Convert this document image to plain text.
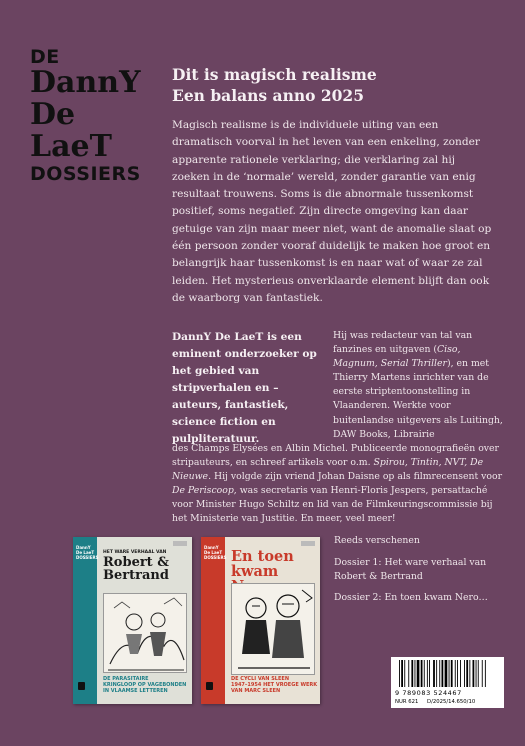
DE
DannY
De
LaeT
DOSSIERS
Dit is magisch realisme
Een balans anno 2025

Magisch realisme is de individuele uiting van een dramatisch voorval in het leven van een enkeling, zonder apparente rationele verklaring; die verklaring zal hij zoeken in de ‘normale’ wereld, zonder garantie van enig resultaat trouwens. Soms is die abnormale tussenkomst positief, soms negatief. Zijn directe omgeving kan daar getuige van zijn maar meer niet, want de anomalie slaat op één persoon zonder vooraf duidelijk te maken hoe groot en belangrijk haar tussenkomst is en naar wat of waar ze zal leiden. Het mysterieus onverklaarde element blijft dan ook de waarborg van fantastiek.

DannY De LaeT is een eminent onderzoeker op het gebied van stripverhalen en –auteurs, fantastiek, science fiction en pulpliteratuur.

Hij was redacteur van tal van fanzines en uitgaven (Ciso, Magnum, Serial Thriller), en met Thierry Martens inrichter van de eerste striptentoonstelling in Vlaanderen. Werkte voor buitenlandse uitgevers als Luitingh, DAW Books, Librairie

des Champs Elysées en Albin Michel. Publiceerde monografieën over stripauteurs, en schreef artikels voor o.m. Spirou, Tintin, NVT, De Nieuwe. Hij volgde zijn vriend Johan Daisne op als filmrecensent voor De Periscoop, was secretaris van Henri-Floris Jespers, persattaché voor Minister Hugo Schiltz en lid van de Filmkeuringscommissie bij het Ministerie van Justitie. En meer, veel meer!

DannY De LaeT DOSSIERS
HET WARE VERHAAL VAN
Robert &
Bertrand
DE PARASITAIRE
KRINGLOOP OP VAGEBONDEN
IN VLAAMSE LETTEREN
DannY De LaeT DOSSIERS En toen
kwam
DE CYCLI VAN SLEEN
1947–1954 HET VROEGE WERK
VAN MARC SLEEN
Reeds verschenen
Dossier 1: Het ware verhaal van Robert & Bertrand
Dossier 2: En toen kwam Nero…
9 789083 524467
NUR 621 D/2025/14.650/10
